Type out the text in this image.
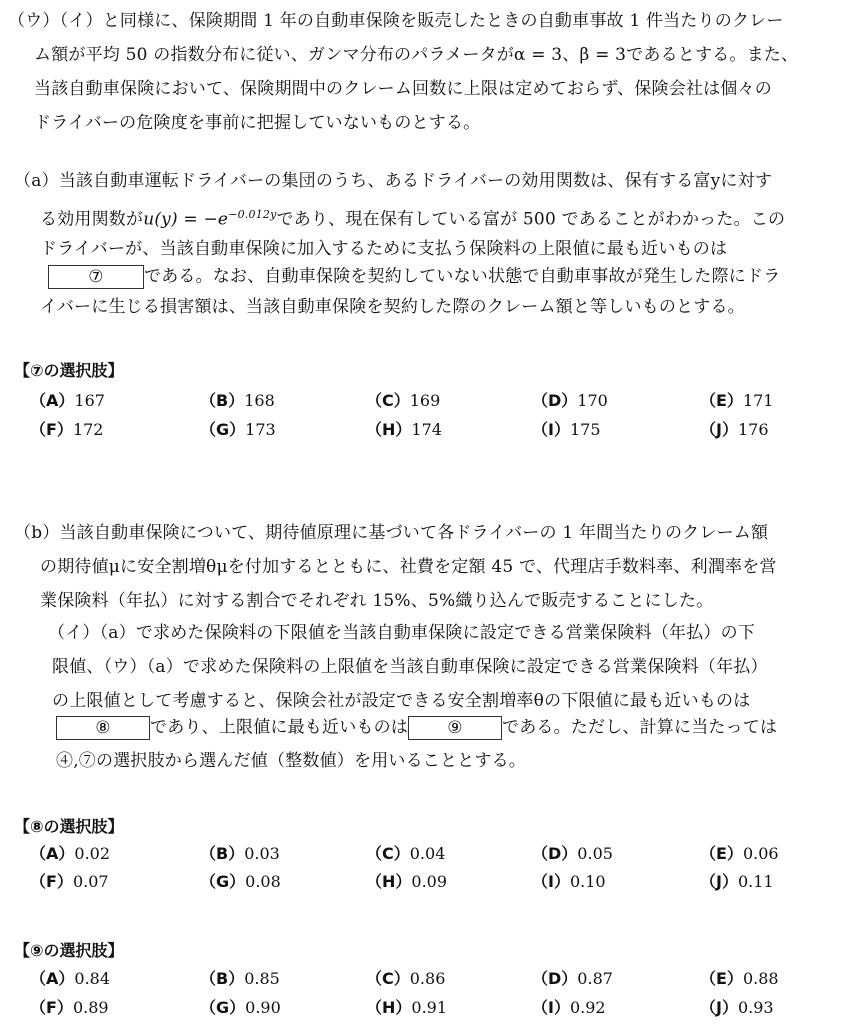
（ウ）（イ）と同様に、保険期間 1 年の自動車保険を販売したときの自動車事故 1 件当たりのクレー
ム額が平均 50 の指数分布に従い、ガンマ分布のパラメータがα = 3、β = 3であるとする。また、
当該自動車保険において、保険期間中のクレーム回数に上限は定めておらず、保険会社は個々の
ドライバーの危険度を事前に把握していないものとする。
（a）当該自動車運転ドライバーの集団のうち、あるドライバーの効用関数は、保有する富yに対す
る効用関数が$u(y) = -e^{-0.012y}$であり、現在保有している富が 500 であることがわかった。この
ドライバーが、当該自動車保険に加入するために支払う保険料の上限値に最も近いものは
⑦ である。なお、自動車保険を契約していない状態で自動車事故が発生した際にドラ
イバーに生じる損害額は、当該自動車保険を契約した際のクレーム額と等しいものとする。
【⑦の選択肢】
（A）167	（B）168	（C）169	（D）170	（E）171
（F）172	（G）173	（H）174	（I）175	（J）176
（b）当該自動車保険について、期待値原理に基づいて各ドライバーの 1 年間当たりのクレーム額
の期待値μに安全割増θμを付加するとともに、社費を定額 45 で、代理店手数料率、利潤率を営
業保険料（年払）に対する割合でそれぞれ 15%、5%織り込んで販売することにした。
（イ）（a）で求めた保険料の下限値を当該自動車保険に設定できる営業保険料（年払）の下
限値、（ウ）（a）で求めた保険料の上限値を当該自動車保険に設定できる営業保険料（年払）
の上限値として考慮すると、保険会社が設定できる安全割増率θの下限値に最も近いものは
⑧ であり、上限値に最も近いものは ⑨ である。ただし、計算に当たっては
④,⑦の選択肢から選んだ値（整数値）を用いることとする。
【⑧の選択肢】
（A）0.02	（B）0.03	（C）0.04	（D）0.05	（E）0.06
（F）0.07	（G）0.08	（H）0.09	（I）0.10	（J）0.11
【⑨の選択肢】
（A）0.84	（B）0.85	（C）0.86	（D）0.87	（E）0.88
（F）0.89	（G）0.90	（H）0.91	（I）0.92	（J）0.93
